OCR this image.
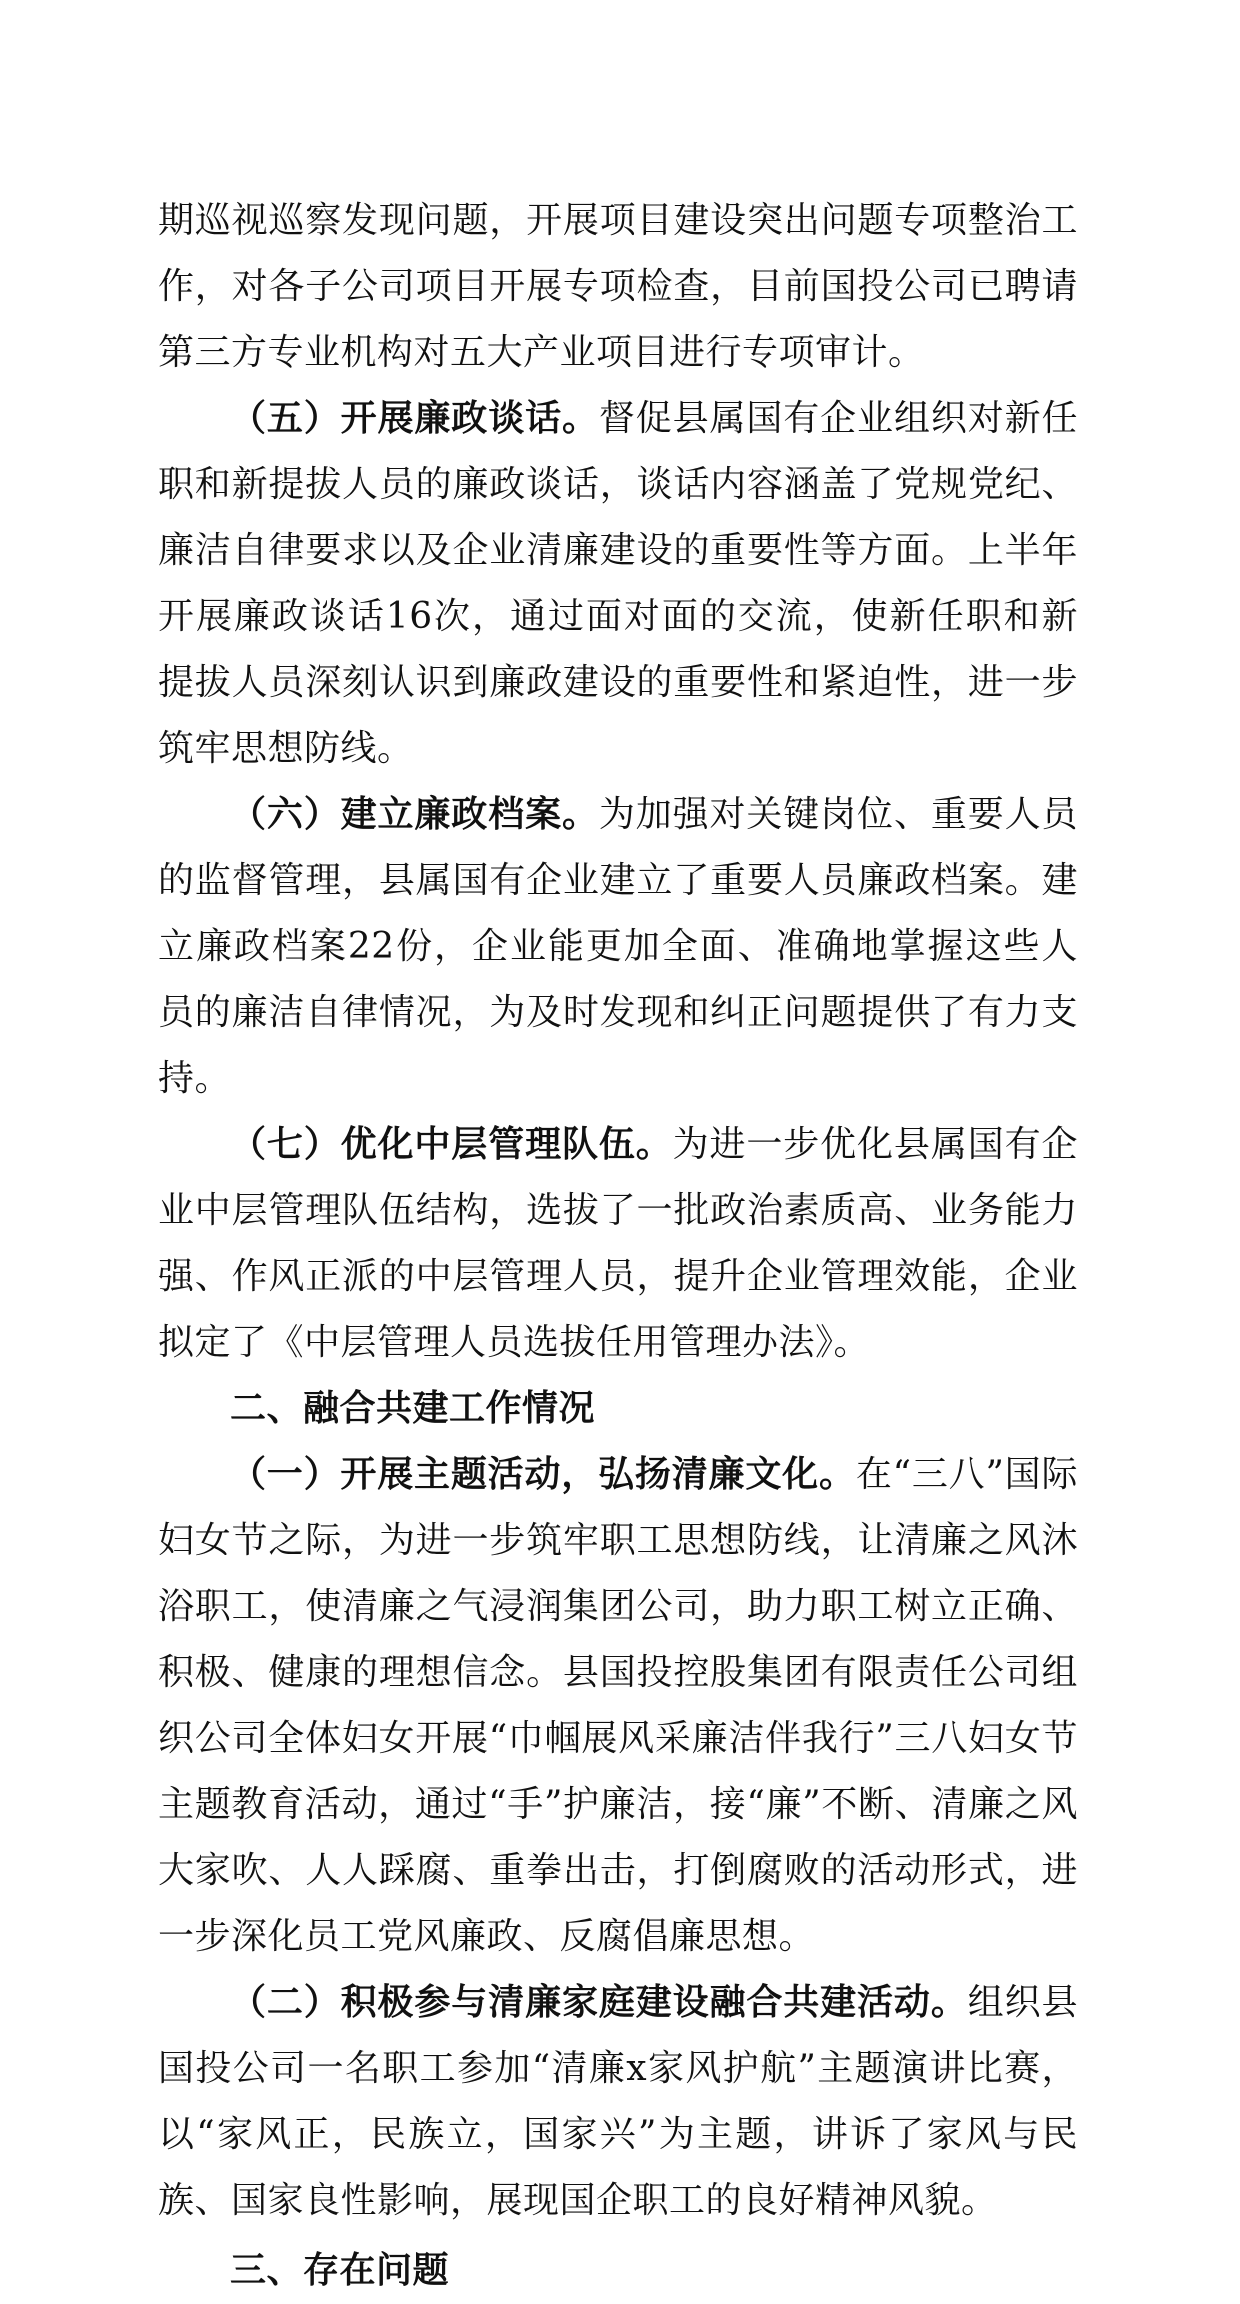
期巡视巡察发现问题，开展项目建设突出问题专项整治工作，对各子公司项目开展专项检查，目前国投公司已聘请第三方专业机构对五大产业项目进行专项审计。

（五）开展廉政谈话。督促县属国有企业组织对新任职和新提拔人员的廉政谈话，谈话内容涵盖了党规党纪、廉洁自律要求以及企业清廉建设的重要性等方面。上半年开展廉政谈话16次，通过面对面的交流，使新任职和新提拔人员深刻认识到廉政建设的重要性和紧迫性，进一步筑牢思想防线。

（六）建立廉政档案。为加强对关键岗位、重要人员的监督管理，县属国有企业建立了重要人员廉政档案。建立廉政档案22份，企业能更加全面、准确地掌握这些人员的廉洁自律情况，为及时发现和纠正问题提供了有力支持。

（七）优化中层管理队伍。为进一步优化县属国有企业中层管理队伍结构，选拔了一批政治素质高、业务能力强、作风正派的中层管理人员，提升企业管理效能，企业拟定了《中层管理人员选拔任用管理办法》。

二、融合共建工作情况

（一）开展主题活动，弘扬清廉文化。在“三八”国际妇女节之际，为进一步筑牢职工思想防线，让清廉之风沐浴职工，使清廉之气浸润集团公司，助力职工树立正确、积极、健康的理想信念。县国投控股集团有限责任公司组织公司全体妇女开展“巾帼展风采廉洁伴我行”三八妇女节主题教育活动，通过“手”护廉洁，接“廉”不断、清廉之风大家吹、人人踩腐、重拳出击，打倒腐败的活动形式，进一步深化员工党风廉政、反腐倡廉思想。

（二）积极参与清廉家庭建设融合共建活动。组织县国投公司一名职工参加“清廉x家风护航”主题演讲比赛，以“家风正，民族立，国家兴”为主题，讲诉了家风与民族、国家良性影响，展现国企职工的良好精神风貌。

三、存在问题
